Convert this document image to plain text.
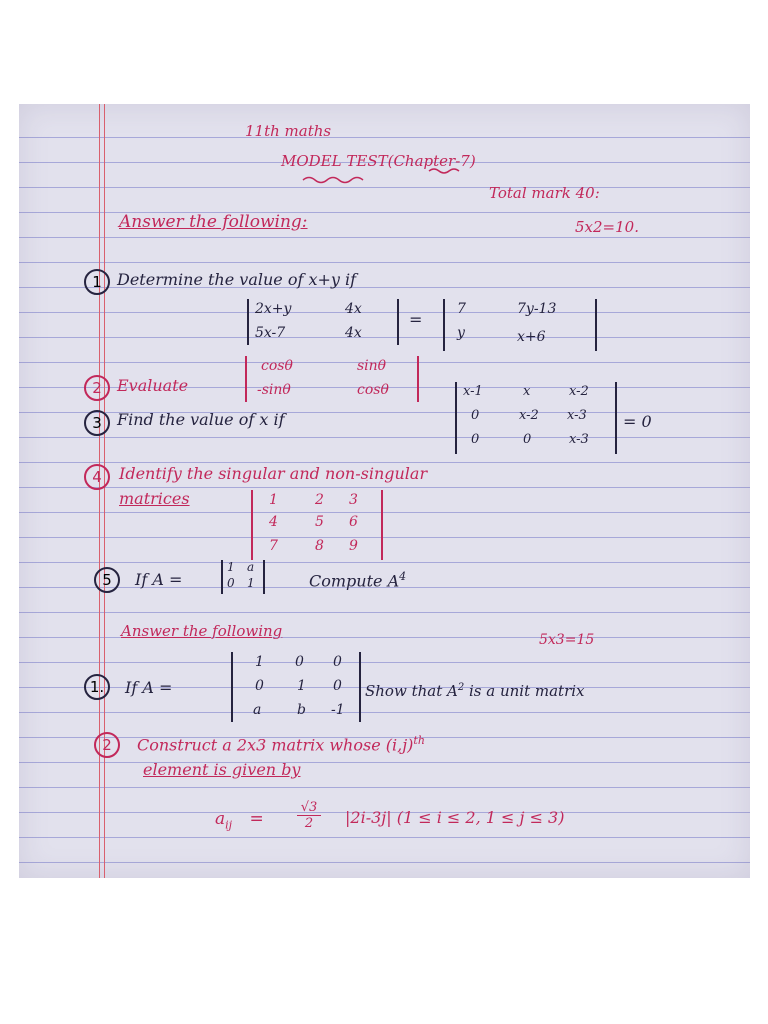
11th maths
MODEL TEST(Chapter-7)
Total mark 40:
Answer the following:	5x2=10.
1 Determine the value of x+y if
2x+y	4x
5x-7	4x
=
7	7y-13
y	x+6
2 Evaluate
cosθ	sinθ
-sinθ	cosθ
3 Find the value of x if
x-1	x	x-2
0	x-2 x-3
0	0	x-3
= 0
4	Identify the singular and non-singular
matrices	1	2 3
4	5 6
7	8 9
5	If A =
1 a
0 1	Compute $A^4$
Answer the following	5x3=15
1.	If A =
1 0 0
0 1 0
a	b -1
Show that $A^2$ is a unit matrix
2	Construct a 2x3 matrix whose $(i,j)^{th}$
element is given by
$a_{ij}$ =
√3
2	|2i-3j| (1 ≤ i ≤ 2, 1 ≤ j ≤ 3)
